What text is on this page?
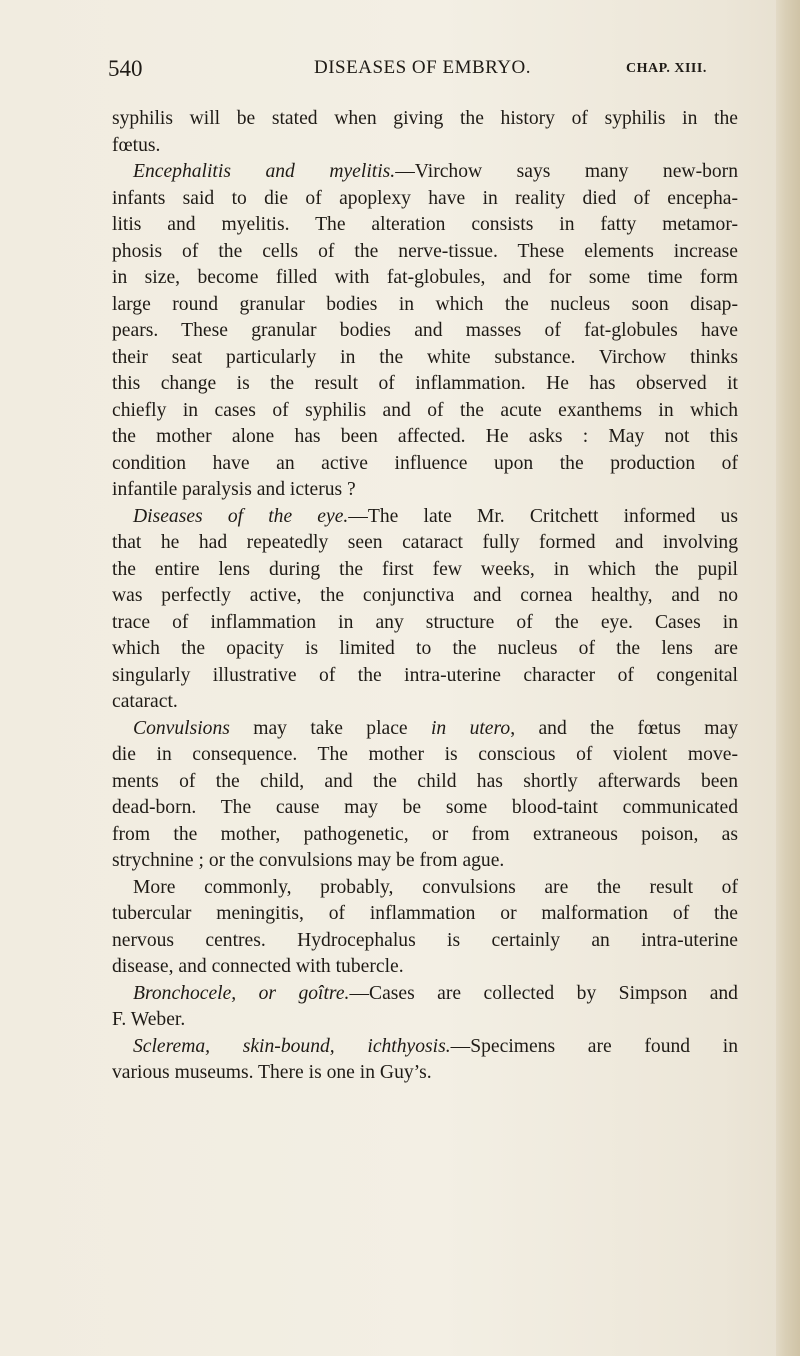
540	DISEASES OF EMBRYO.	CHAP. XIII.
syphilis will be stated when giving the history of syphilis in the
fœtus.
Encephalitis and myelitis.—Virchow says many new-born
infants said to die of apoplexy have in reality died of encepha-
litis and myelitis. The alteration consists in fatty metamor-
phosis of the cells of the nerve-tissue. These elements increase
in size, become filled with fat-globules, and for some time form
large round granular bodies in which the nucleus soon disap-
pears. These granular bodies and masses of fat-globules have
their seat particularly in the white substance. Virchow thinks
this change is the result of inflammation. He has observed it
chiefly in cases of syphilis and of the acute exanthems in which
the mother alone has been affected. He asks : May not this
condition have an active influence upon the production of
infantile paralysis and icterus ?
Diseases of the eye.—The late Mr. Critchett informed us
that he had repeatedly seen cataract fully formed and involving
the entire lens during the first few weeks, in which the pupil
was perfectly active, the conjunctiva and cornea healthy, and no
trace of inflammation in any structure of the eye. Cases in
which the opacity is limited to the nucleus of the lens are
singularly illustrative of the intra-uterine character of congenital
cataract.
Convulsions may take place in utero, and the fœtus may
die in consequence. The mother is conscious of violent move-
ments of the child, and the child has shortly afterwards been
dead-born. The cause may be some blood-taint communicated
from the mother, pathogenetic, or from extraneous poison, as
strychnine ; or the convulsions may be from ague.
More commonly, probably, convulsions are the result of
tubercular meningitis, of inflammation or malformation of the
nervous centres. Hydrocephalus is certainly an intra-uterine
disease, and connected with tubercle.
Bronchocele, or goître.—Cases are collected by Simpson and
F. Weber.
Sclerema, skin-bound, ichthyosis.—Specimens are found in
various museums. There is one in Guy’s.
